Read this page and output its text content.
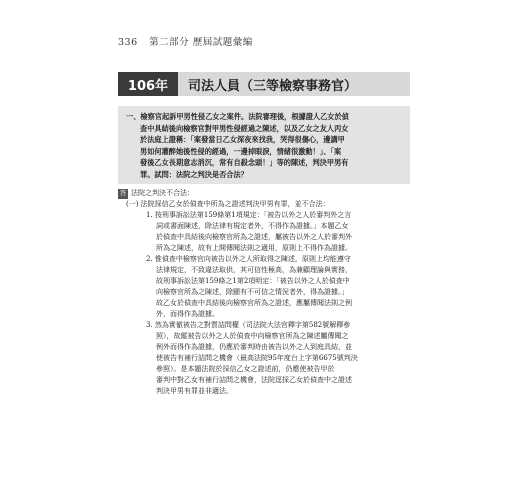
336 第二部分 歷屆試題彙編
106年	司法人員（三等檢察事務官）
一、檢察官起訴甲男性侵乙女之案件。法院審理後，根據證人乙女於偵
查中具結後向檢察官對甲男性侵經過之陳述，以及乙女之友人丙女
於法庭上證稱：「案發當日乙女深夜來找我，哭得很傷心，邊講甲
男如何灌醉她後性侵的經過，一邊掉眼淚，情緒很激動！」、「案
發後乙女長期意志消沉，常有自殺念頭！」等的陳述，判決甲男有
罪。試問：法院之判決是否合法？
答 法院之判決不合法：
(一) 法院採信乙女於偵查中所為之證述判決甲男有罪，並不合法：
1. 按刑事訴訟法第159條第1項規定：「被告以外之人於審判外之言
詞或書面陳述，除法律有規定者外，不得作為證據。」本題乙女
於偵查中具結後向檢察官所為之證述，屬被告以外之人於審判外
所為之陳述，故有上開傳聞法則之適用，原則上不得作為證據。
2. 惟偵查中檢察官向被告以外之人所取得之陳述，原則上均能遵守
法律規定，不致違法取供，其可信性極高，為兼顧理論與實務，
故刑事訴訟法第159條之1第2項明定：「被告以外之人於偵查中
向檢察官所為之陳述，除顯有不可信之情況者外，得為證據。」
故乙女於偵查中具結後向檢察官所為之證述，應屬傳聞法則之例
外，而得作為證據。
3. 然為實徹被告之對質詰問權（司法院大法官釋字第582號解釋參
照），故縱被告以外之人於偵查中向檢察官所為之陳述屬傳聞之
例外而得作為證據，仍應於審判時由被告以外之人到庭具結，並
使被告有補行詰問之機會（最高法院95年度台上字第6675號判決
參照）。是本題法院於採信乙女之證述前，仍應使被告甲於
審判中對乙女有補行詰問之機會，法院逕採乙女於偵查中之證述
判決甲男有罪並非適法。
